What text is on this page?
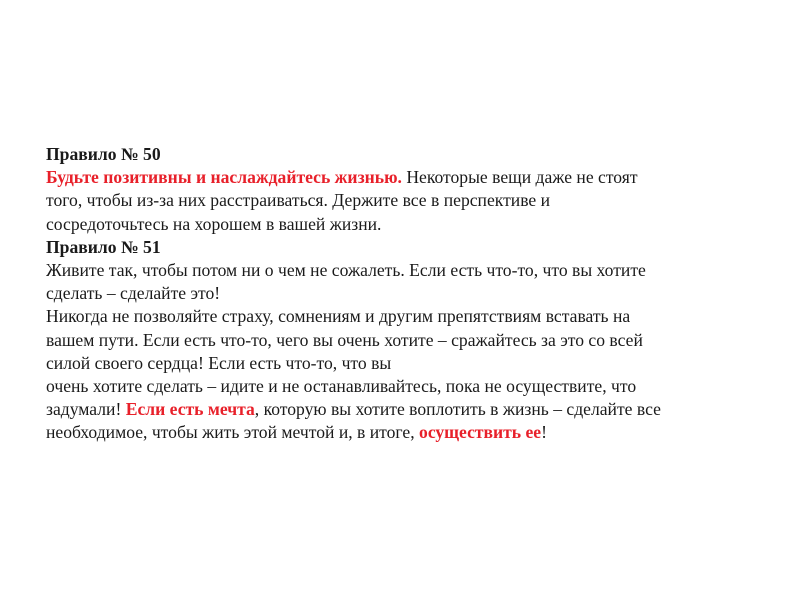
Правило № 50
Будьте позитивны и наслаждайтесь жизнью. Некоторые вещи даже не стоят
того, чтобы из-за них расстраиваться. Держите все в перспективе и
сосредоточьтесь на хорошем в вашей жизни.
Правило № 51
Живите так, чтобы потом ни о чем не сожалеть. Если есть что-то, что вы хотите
сделать – сделайте это!
Никогда не позволяйте страху, сомнениям и другим препятствиям вставать на
вашем пути. Если есть что-то, чего вы очень хотите – сражайтесь за это со всей
силой своего сердца! Если есть что-то, что вы
очень хотите сделать – идите и не останавливайтесь, пока не осуществите, что
задумали! Если есть мечта, которую вы хотите воплотить в жизнь – сделайте все
необходимое, чтобы жить этой мечтой и, в итоге, осуществить ее!
